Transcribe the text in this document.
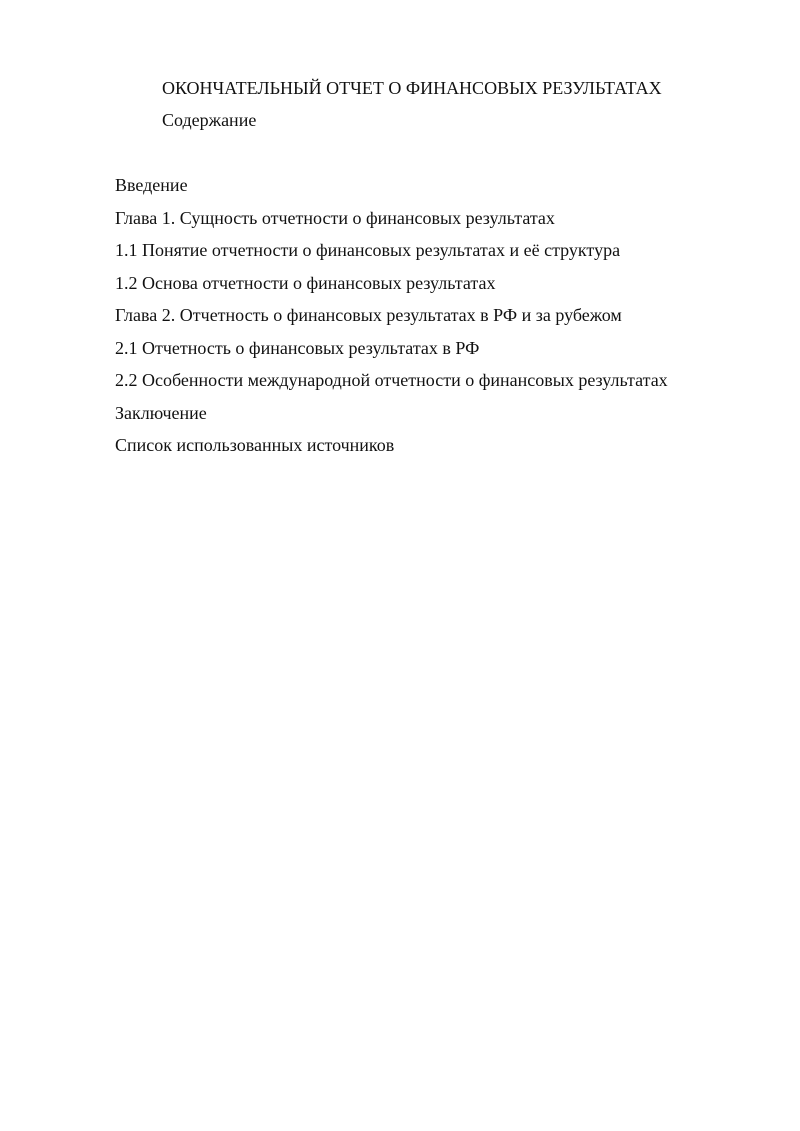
ОКОНЧАТЕЛЬНЫЙ ОТЧЕТ О ФИНАНСОВЫХ РЕЗУЛЬТАТАХ
Содержание
Введение
Глава 1. Сущность отчетности о финансовых результатах
1.1 Понятие отчетности о финансовых результатах и её структура
1.2 Основа отчетности о финансовых результатах
Глава 2. Отчетность о финансовых результатах в РФ и за рубежом
2.1 Отчетность о финансовых результатах в РФ
2.2 Особенности международной отчетности о финансовых результатах
Заключение
Список использованных источников
